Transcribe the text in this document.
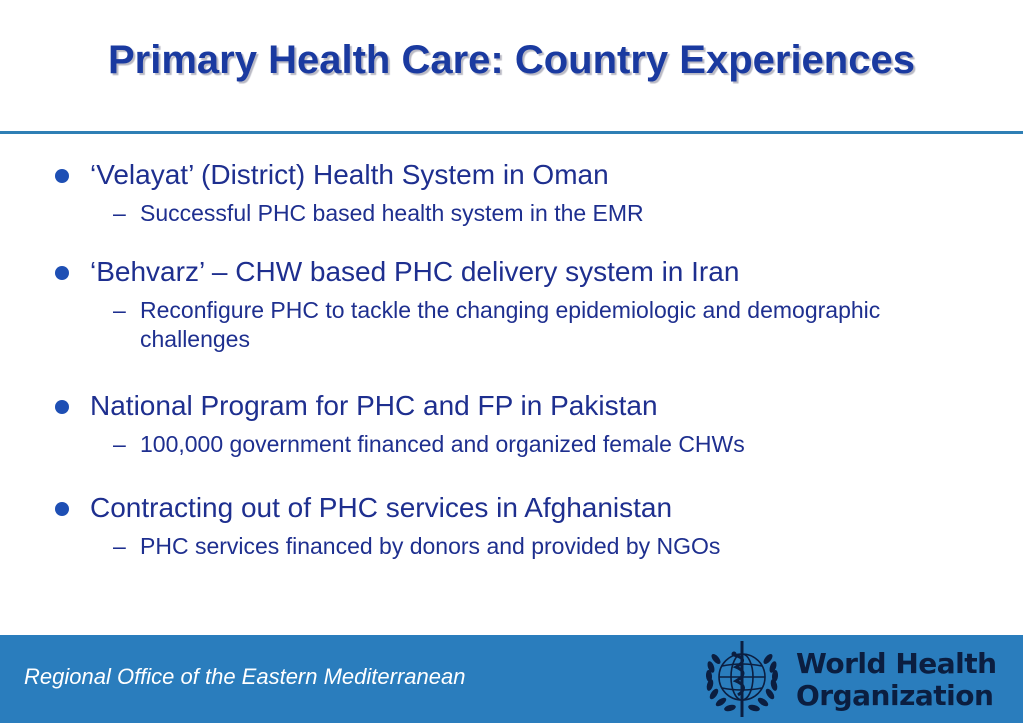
Primary Health Care: Country Experiences
‘Velayat’ (District) Health System in Oman
– Successful PHC based health system in the EMR
‘Behvarz’ – CHW based PHC delivery system in Iran
– Reconfigure PHC to tackle the changing epidemiologic and demographic challenges
National Program for PHC and FP in Pakistan
– 100,000 government financed and organized female CHWs
Contracting out of PHC services in Afghanistan
– PHC services financed by donors and provided by NGOs
Regional Office of the Eastern Mediterranean	World Health
Organization
